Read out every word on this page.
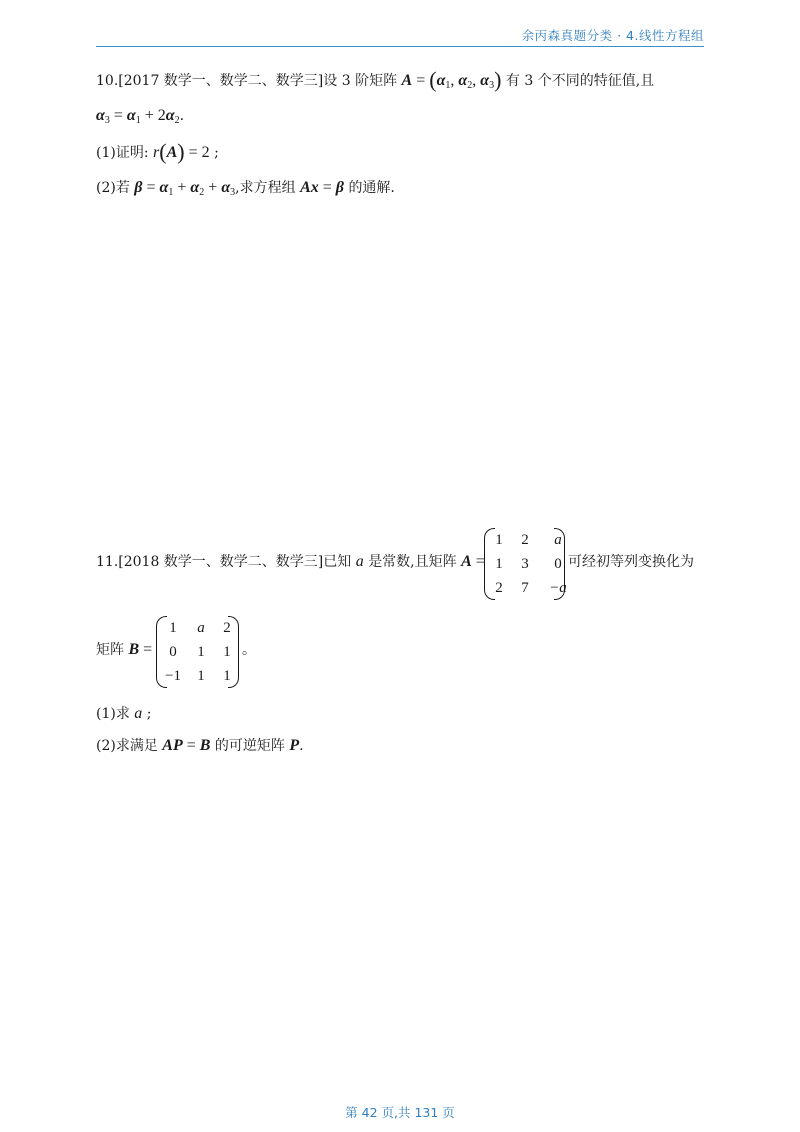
余丙森真题分类 · 4.线性方程组
10.[2017 数学一、数学二、数学三]设 3 阶矩阵 $A = (\alpha_1$, $\alpha_2$, $\alpha_3$) 有 3 个不同的特征值,且
$\alpha_3 = \alpha_1 + 2\alpha_2$.
(1)证明: r(A) = 2 ;
(2)若 $\beta = \alpha_1 + \alpha_2 + \alpha_3$,求方程组 Ax = β 的通解.
11.[2018 数学一、数学二、数学三]已知 a 是常数,且矩阵 A =
1	2	a
1	3	0
2	7	−a
可经初等列变换化为
矩阵 B =
1	a	2
0	1	1
−1	1	1
。
(1)求 a ;
(2)求满足 AP = B 的可逆矩阵 P.
第 42 页,共 131 页
